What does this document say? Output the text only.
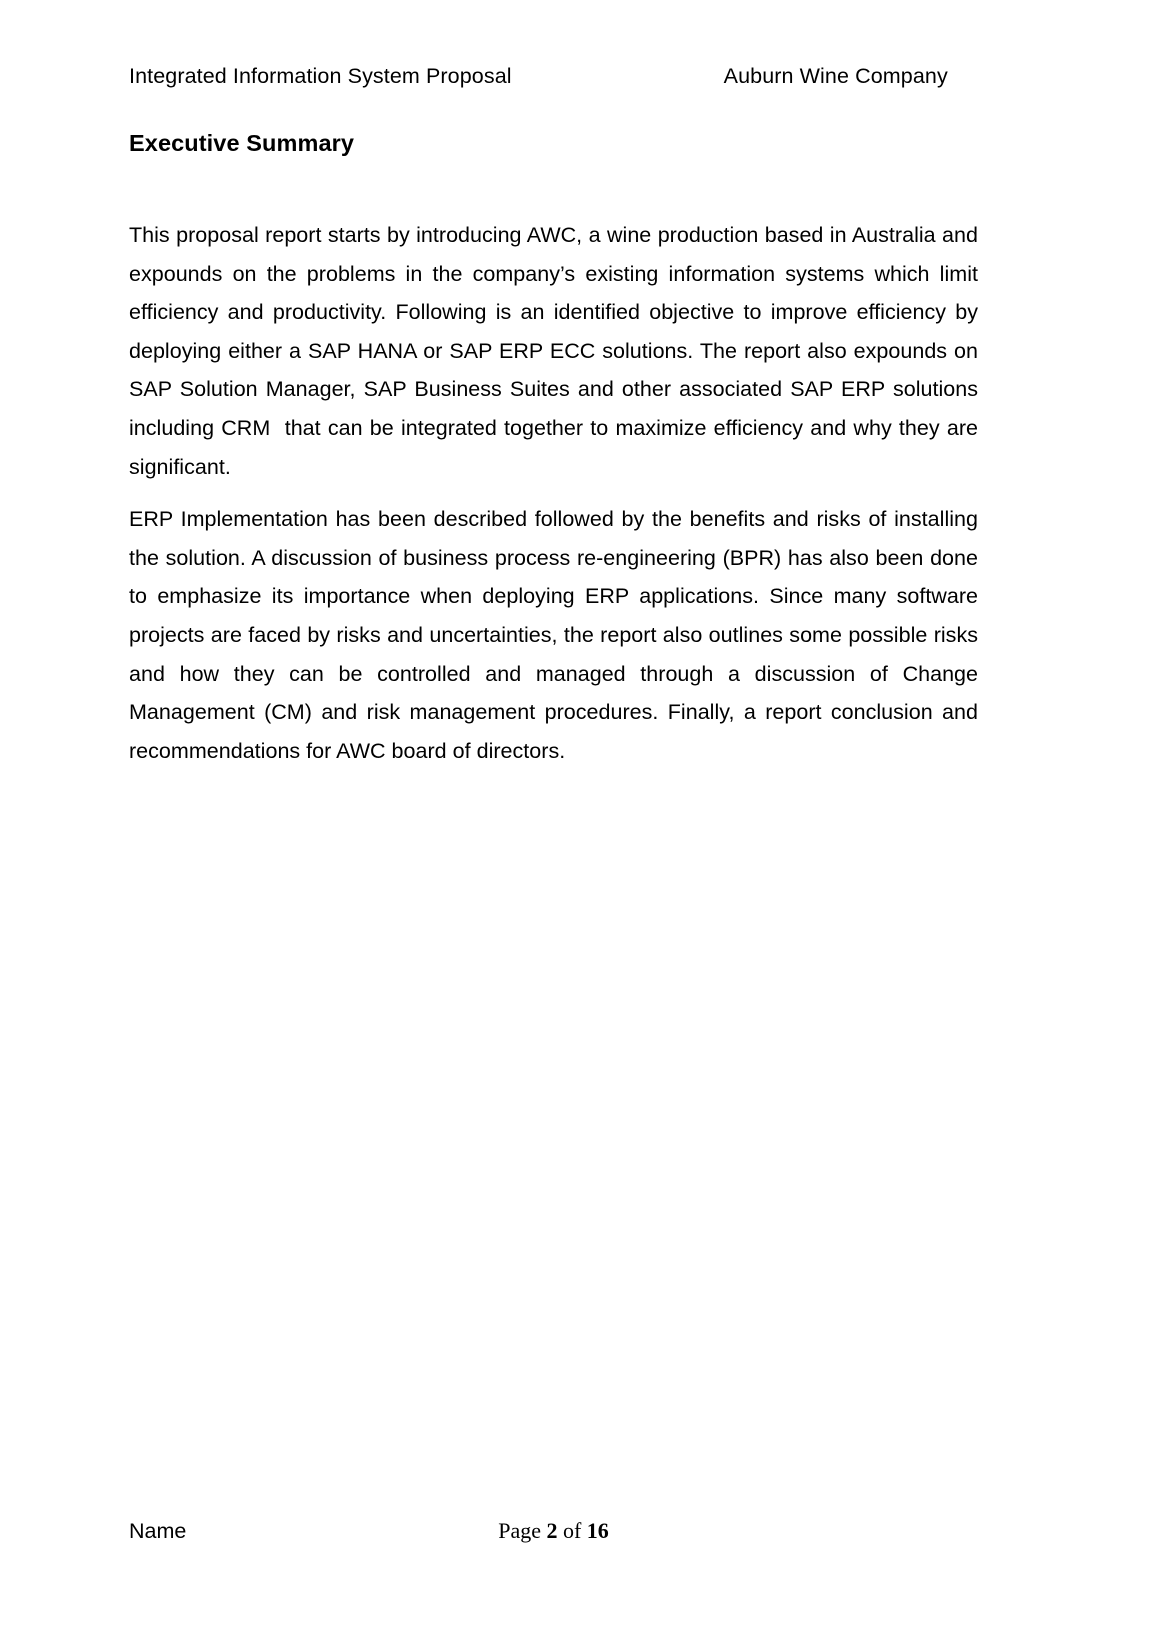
Integrated Information System Proposal	Auburn Wine Company
Executive Summary

This proposal report starts by introducing AWC, a wine production based in Australia and expounds on the problems in the company’s existing information systems which limit efficiency and productivity. Following is an identified objective to improve efficiency by deploying either a SAP HANA or SAP ERP ECC solutions. The report also expounds on SAP Solution Manager, SAP Business Suites and other associated SAP ERP solutions including CRM  that can be integrated together to maximize efficiency and why they are significant.

ERP Implementation has been described followed by the benefits and risks of installing the solution. A discussion of business process re-engineering (BPR) has also been done to emphasize its importance when deploying ERP applications. Since many software projects are faced by risks and uncertainties, the report also outlines some possible risks and how they can be controlled and managed through a discussion of Change Management (CM) and risk management procedures. Finally, a report conclusion and recommendations for AWC board of directors.

Name	Page 2 of 16
